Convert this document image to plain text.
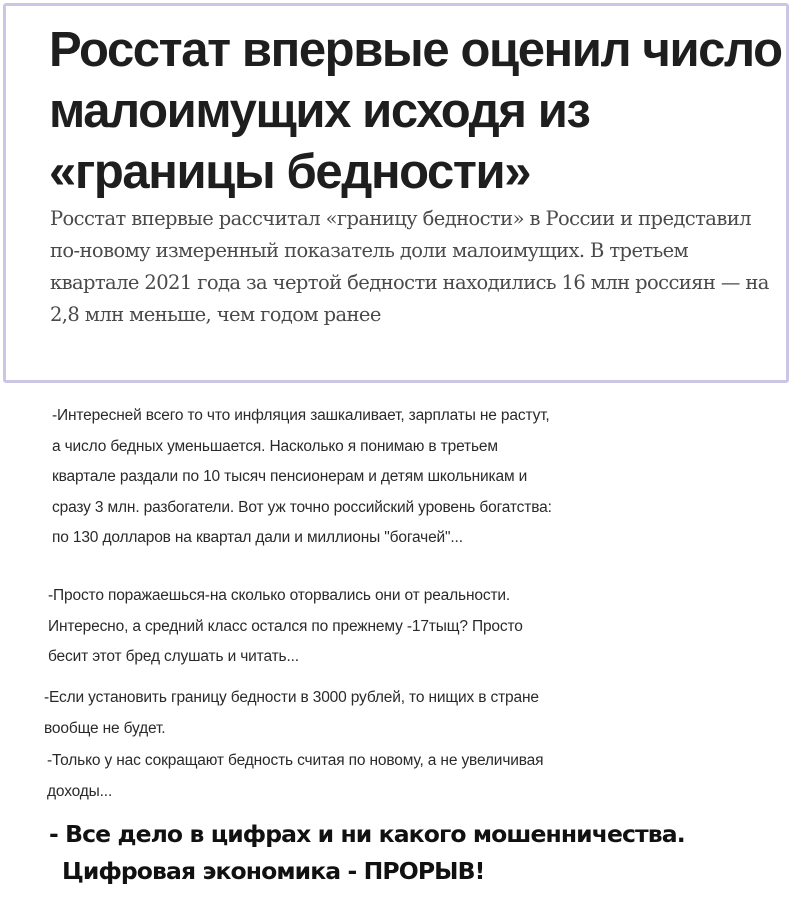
Росстат впервые оценил число малоимущих исходя из «границы бедности»

Росстат впервые рассчитал «границу бедности» в России и представил по-новому измеренный показатель доли малоимущих. В третьем квартале 2021 года за чертой бедности находились 16 млн россиян — на 2,8 млн меньше, чем годом ранее

-Интересней всего то что инфляция зашкаливает, зарплаты не растут,
а число бедных уменьшается. Насколько я понимаю в третьем
квартале раздали по 10 тысяч пенсионерам и детям школьникам и
сразу 3 млн. разбогатели. Вот уж точно российский уровень богатства:
по 130 долларов на квартал дали и миллионы "богачей"...

-Просто поражаешься-на сколько оторвались они от реальности.
Интересно, а средний класс остался по прежнему -17тыщ? Просто
бесит этот бред слушать и читать...

-Если установить границу бедности в 3000 рублей, то нищих в стране
вообще не будет.

-Только у нас сокращают бедность считая по новому, а не увеличивая
доходы...

- Все дело в цифрах и ни какого мошенничества.
Цифровая экономика - ПРОРЫВ!
